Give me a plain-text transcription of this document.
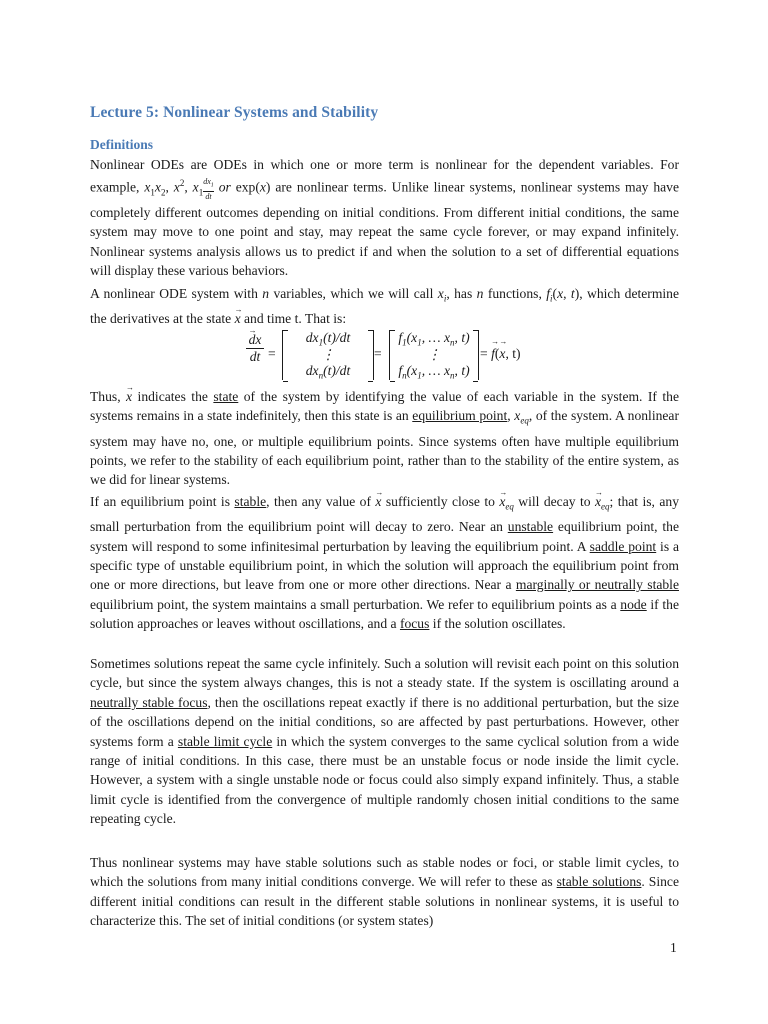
Lecture 5: Nonlinear Systems and Stability
Definitions

Nonlinear ODEs are ODEs in which one or more term is nonlinear for the dependent variables. For example, $x_1x_2$, $x^2$, $x_1 \frac{dx_1}{dt}$ or exp(x) are nonlinear terms. Unlike linear systems, nonlinear systems may have completely different outcomes depending on initial conditions. From different initial conditions, the same system may move to one point and stay, may repeat the same cycle forever, or may expand infinitely. Nonlinear systems analysis allows us to predict if and when the solution to a set of differential equations will display these various behaviors.

A nonlinear ODE system with n variables, which we will call $x_i$, has n functions, $f_i(x$, t), which determine the derivatives at the state → x and time t. That is:

→ dx
dt =
$dx_1(t)/dt$
⋮
$dx_n(t)/dt$
=
$f_1(x_1$, … $x_n$, t)
⋮
$f_n(x_1$, … $x_n$, t)
= → f(→ x, t)

Thus, → x indicates the state of the system by identifying the value of each variable in the system. If the systems remains in a state indefinitely, then this state is an equilibrium point, $x_{eq}$, of the system. A nonlinear system may have no, one, or multiple equilibrium points. Since systems often have multiple equilibrium points, we refer to the stability of each equilibrium point, rather than to the stability of the entire system, as we did for linear systems.

If an equilibrium point is stable, then any value of → x sufficiently close to → $x_{eq}$ will decay to → $x_{eq}$; that is, any small perturbation from the equilibrium point will decay to zero. Near an unstable equilibrium point, the system will respond to some infinitesimal perturbation by leaving the equilibrium point. A saddle point is a specific type of unstable equilibrium point, in which the solution will approach the equilibrium point from one or more directions, but leave from one or more other directions. Near a marginally or neutrally stable equilibrium point, the system maintains a small perturbation. We refer to equilibrium points as a node if the solution approaches or leaves without oscillations, and a focus if the solution oscillates.

Sometimes solutions repeat the same cycle infinitely. Such a solution will revisit each point on this solution cycle, but since the system always changes, this is not a steady state. If the system is oscillating around a neutrally stable focus, then the oscillations repeat exactly if there is no additional perturbation, but the size of the oscillations depend on the initial conditions, so are affected by past perturbations. However, other systems form a stable limit cycle in which the system converges to the same cyclical solution from a wide range of initial conditions. In this case, there must be an unstable focus or node inside the limit cycle. However, a system with a single unstable node or focus could also simply expand infinitely. Thus, a stable limit cycle is identified from the convergence of multiple randomly chosen initial conditions to the same repeating cycle.

Thus nonlinear systems may have stable solutions such as stable nodes or foci, or stable limit cycles, to which the solutions from many initial conditions converge. We will refer to these as stable solutions. Since different initial conditions can result in the different stable solutions in nonlinear systems, it is useful to characterize this. The set of initial conditions (or system states)

1
